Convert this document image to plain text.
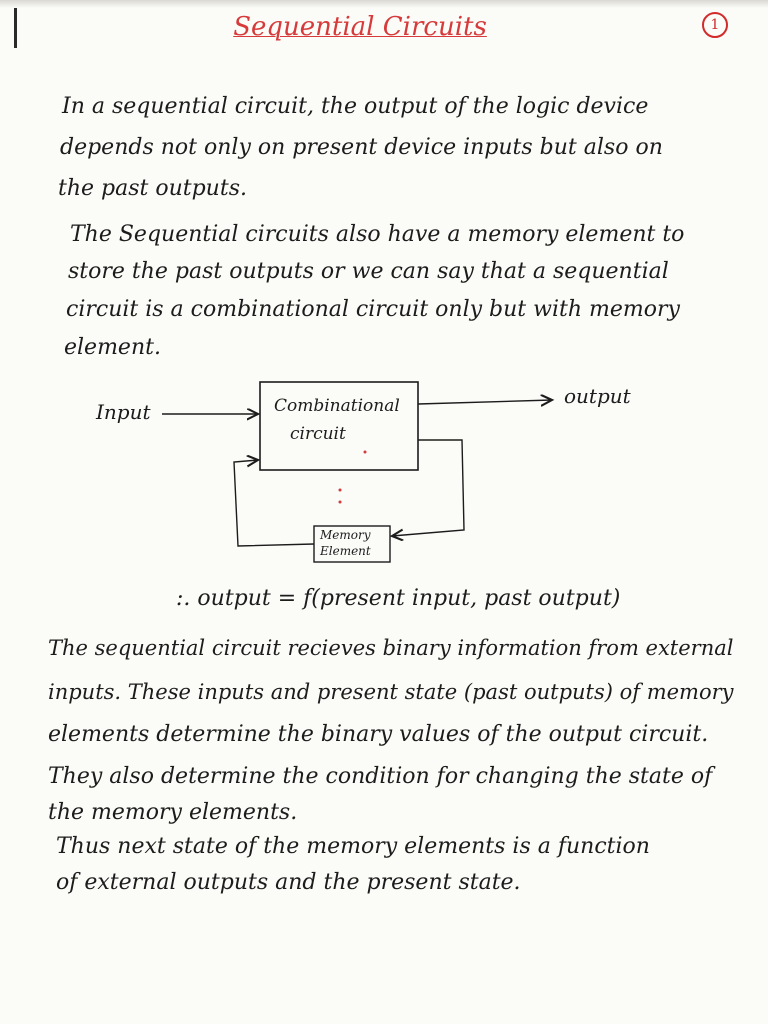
Sequential Circuits	1
In a sequential circuit, the output of the logic device
depends not only on present device inputs but also on
the past outputs.
The Sequential circuits also have a memory element to
store the past outputs or we can say that a sequential
circuit is a combinational circuit only but with memory
element.
Input
output
Combinational
circuit
Memory
Element
:. output = f(present input, past output)
The sequential circuit recieves binary information from external
inputs. These inputs and present state (past outputs) of memory
elements determine the binary values of the output circuit.
They also determine the condition for changing the state of
the memory elements.
Thus next state of the memory elements is a function
of external outputs and the present state.
